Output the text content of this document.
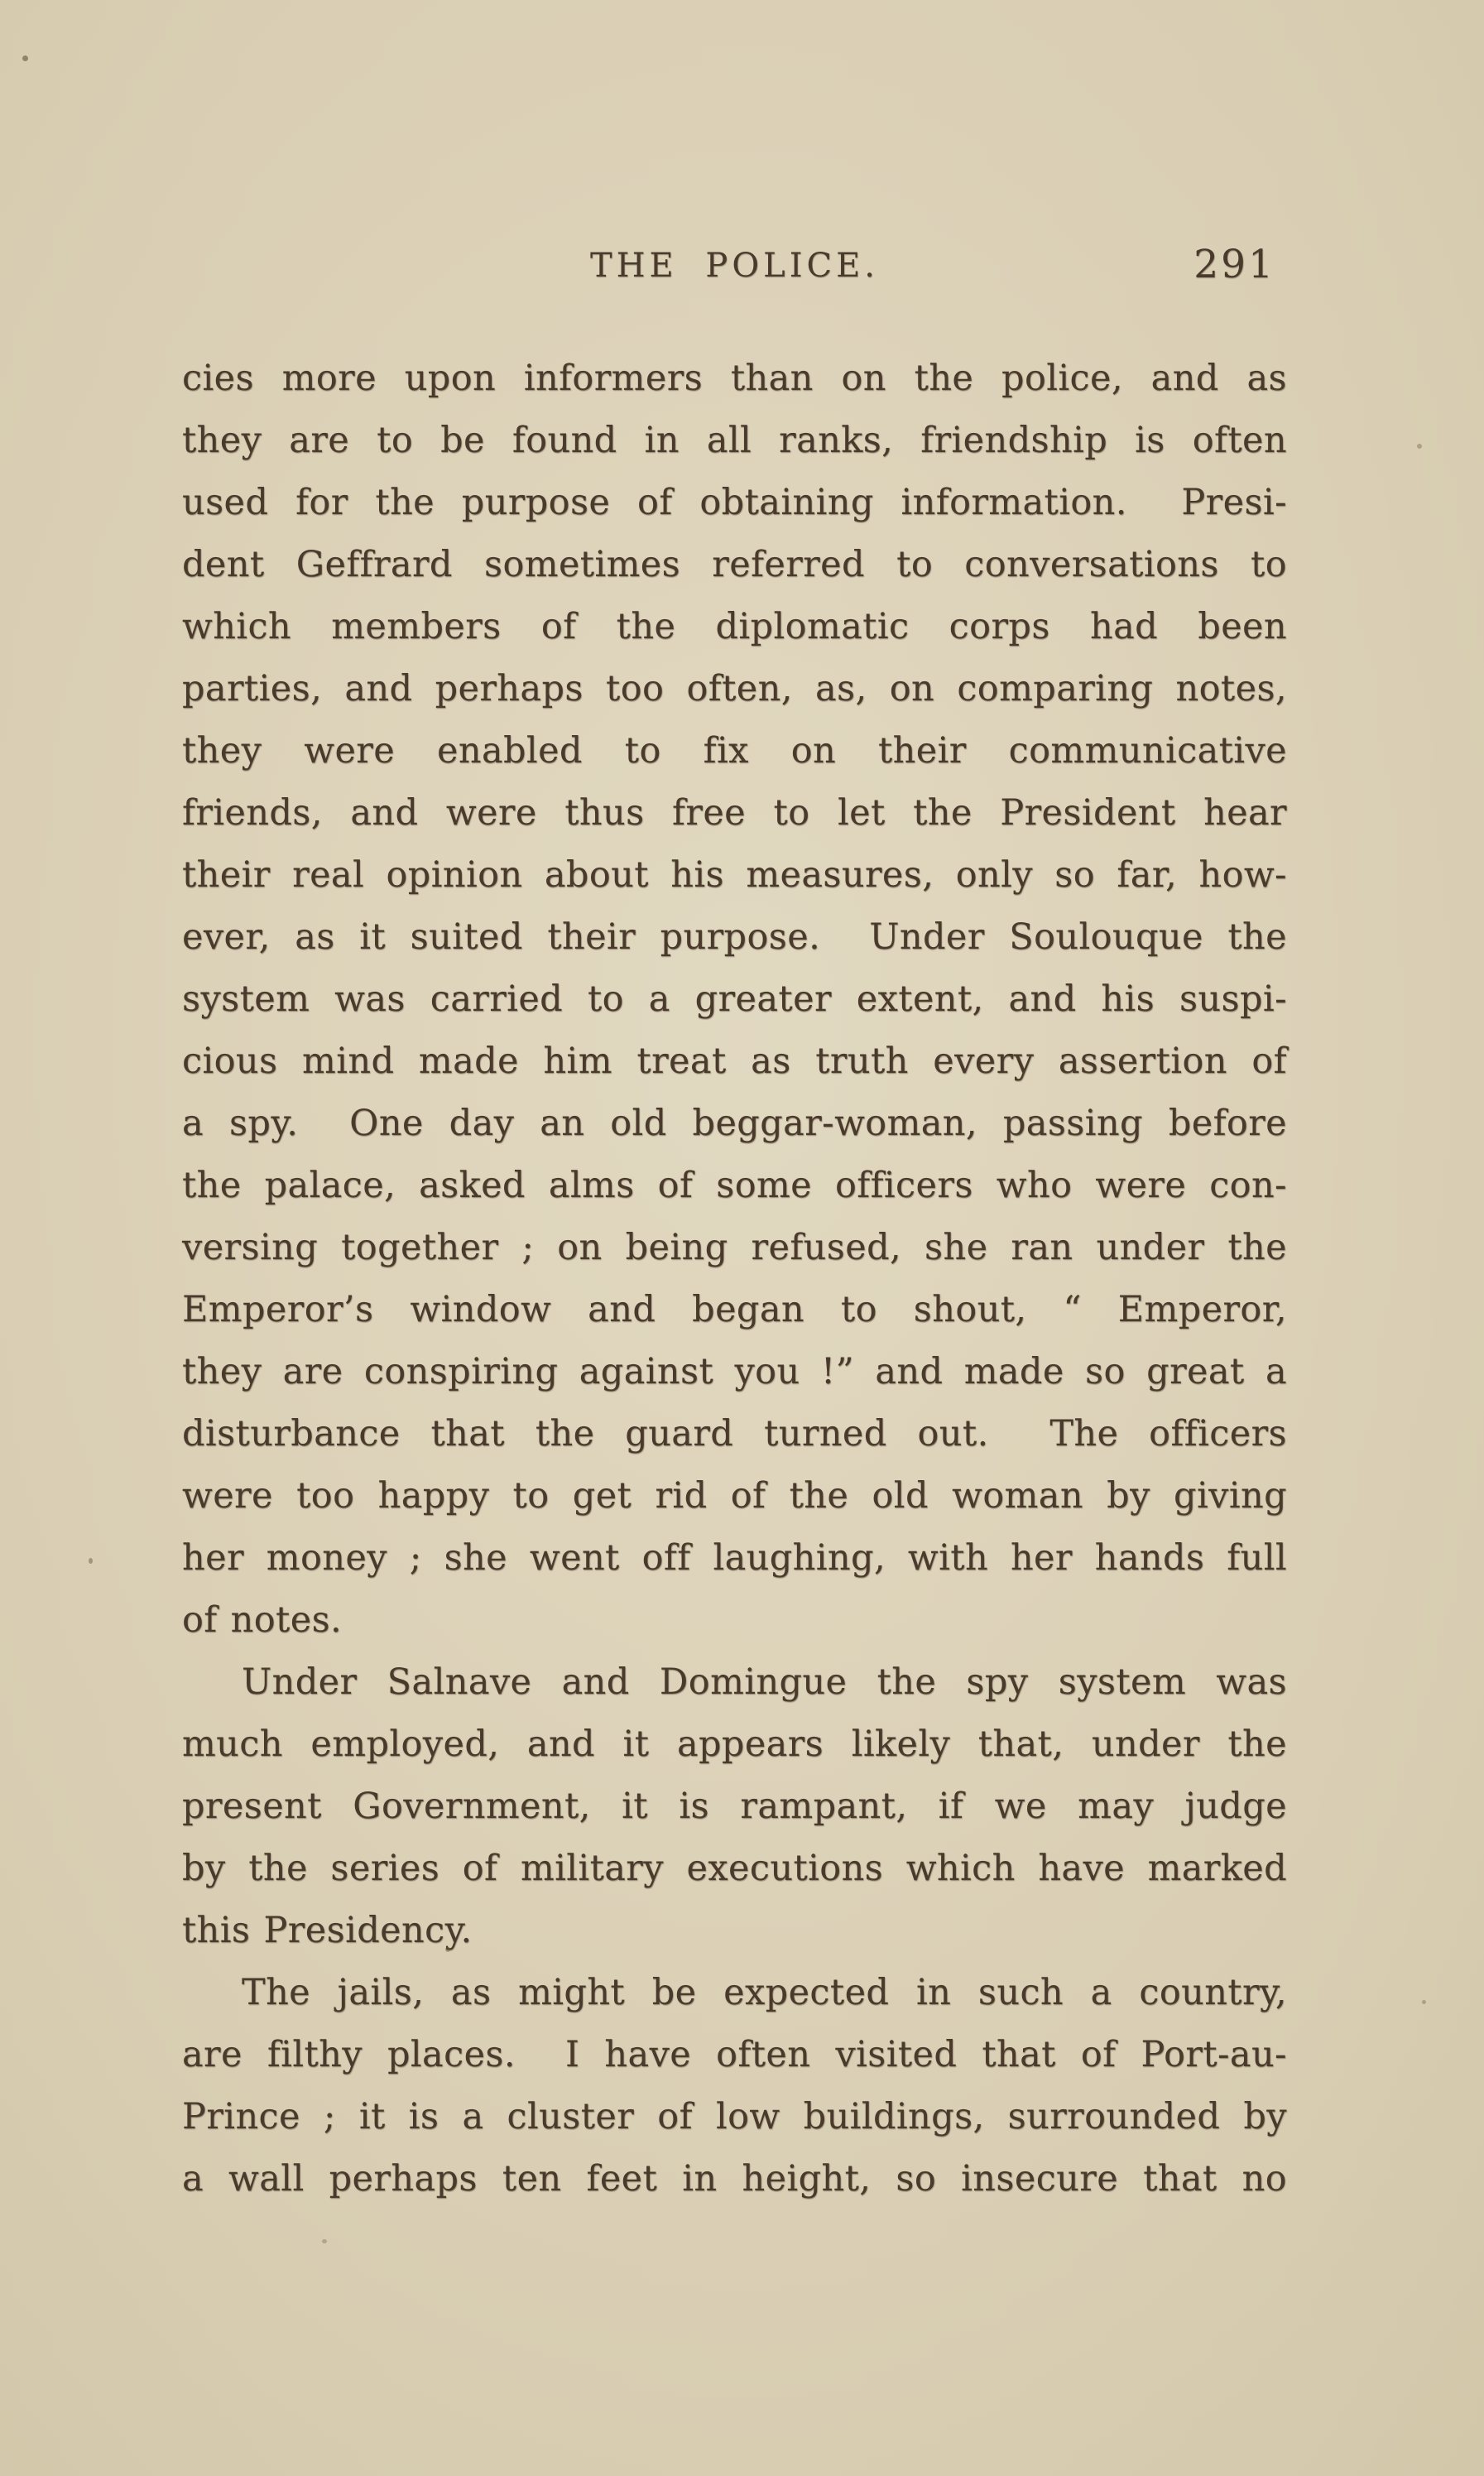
THE POLICE.	291
cies more upon informers than on the police, and as
they are to be found in all ranks, friendship is often
used for the purpose of obtaining information.  Presi-
dent Geffrard sometimes referred to conversations to
which members of the diplomatic corps had been
parties, and perhaps too often, as, on comparing notes,
they were enabled to fix on their communicative
friends, and were thus free to let the President hear
their real opinion about his measures, only so far, how-
ever, as it suited their purpose.  Under Soulouque the
system was carried to a greater extent, and his suspi-
cious mind made him treat as truth every assertion of
a spy.  One day an old beggar-woman, passing before
the palace, asked alms of some officers who were con-
versing together ; on being refused, she ran under the
Emperor’s window and began to shout, “ Emperor,
they are conspiring against you !” and made so great a
disturbance that the guard turned out.  The officers
were too happy to get rid of the old woman by giving
her money ; she went off laughing, with her hands full
of notes.
Under Salnave and Domingue the spy system was
much employed, and it appears likely that, under the
present Government, it is rampant, if we may judge
by the series of military executions which have marked
this Presidency.
The jails, as might be expected in such a country,
are filthy places.  I have often visited that of Port-au-
Prince ; it is a cluster of low buildings, surrounded by
a wall perhaps ten feet in height, so insecure that no
